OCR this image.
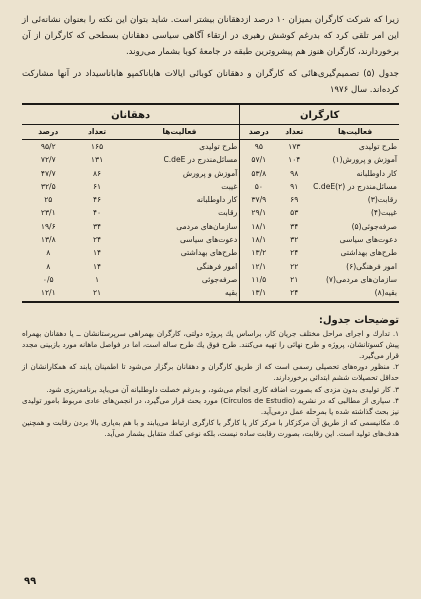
زیرا که شرکت کارگران بمیزان ۱۰ درصد ازدهقانان بیشتر است. شاید بتوان این نکته را بعنوان نشانه‌ئی از این امر تلقی کرد که بدرغم کوشش رهبری در ارتقاء آگاهی سیاسی دهقانان بسطحی که کارگران از آن برخوردارند، کارگران هنوز هم پیشروترین طبقه در جامعهٔ کوبا بشمار می‌روند.

جدول (۵) تصمیم‌گیری‌هائی که کارگران و دهقانان کوبائی ایالات هاباناکمپو هاباناسیداد در آنها مشارکت کرده‌اند. سال ۱۹۷۶

کارگران			دهقانان		
فعالیت‌ها	تعداد	درصد	فعالیت‌ها	تعداد	درصد
طرح تولیدی	۱۷۳	۹۵	طرح تولیدی	۱۶۵	۹۵/۲
آموزش و پرورش(۱)	۱۰۴	۵۷/۱	مسائل‌مندرج در C.deE	۱۳۱	۷۲/۷
کار داوطلبانه	۹۸	۵۳/۸	آموزش و پرورش	۸۶	۴۷/۷
مسائل‌مندرج در C.deE(۲)	۹۱	۵۰	غیبت	۶۱	۳۲/۵
رقابت(۳)	۶۹	۳۷/۹	کار داوطلبانه	۴۶	۲۵
غیبت(۴)	۵۳	۲۹/۱	رقابت	۴۰	۲۳/۱
صرفه‌جوئی(۵)	۳۴	۱۸/۱	سازمان‌های مردمی	۳۴	۱۹/۶
دعوت‌های سیاسی	۳۲	۱۸/۱	دعوت‌های سیاسی	۲۴	۱۳/۸
طرح‌های بهداشتی	۲۴	۱۳/۲	طرح‌های بهداشتی	۱۴	۸
امور فرهنگی(۶)	۲۲	۱۲/۱	امور فرهنگی	۱۴	۸
سازمان‌های مردمی(۷)	۲۱	۱۱/۵	صرفه‌جوئی	۱	۰/۵
بقیه(۸)	۲۴	۱۳/۱	بقیه	۲۱	۱۲/۱
توضیحات جدول:

۱. تدارك و اجرای مراحل مختلف جریان کار، براساس یك پروژه دولتی، کارگران بهمراهی سرپرستانشان ــ یا دهقانان بهمراه پیش کسوتانشان، پروژه و طرح نهائی را تهیه می‌کنند. طرح فوق یك طرح ساله است، اما در فواصل ماهانه مورد بازبینی مجدد قرار می‌گیرد.

۲. منظور دوره‌های تحصیلی رسمی است که از طریق کارگران و دهقانان برگزار می‌شود تا اطمینان یابند که همکارانشان از حداقل تحصیلات ششم ابتدائی برخوردارند.

۳. کار تولیدی بدون مزدی که بصورت اضافه کاری انجام می‌شود، و بدرغم خصلت داوطلبانه آن می‌باید برنامه‌ریزی شود.

۴. سیاری از مطالبی که در نشریه (Círculos de Estudio) مورد بحث قرار می‌گیرد، در انجمن‌های عادی مربوط بامور تولیدی نیز بحث گذاشته شده یا بمرحله عمل درمی‌آید.

۵. مکانیسمی که از طریق آن مرکزکار با مرکز کار یا کارگر با کارگری ارتباط می‌یابند و با هم به‌یاری بالا بردن رقابت و همچنین هدف‌های تولید است. این رقابت، بصورت رقابت ساده نیست، بلکه نوعی کمك متقابل بشمار می‌آید.

۹۹
